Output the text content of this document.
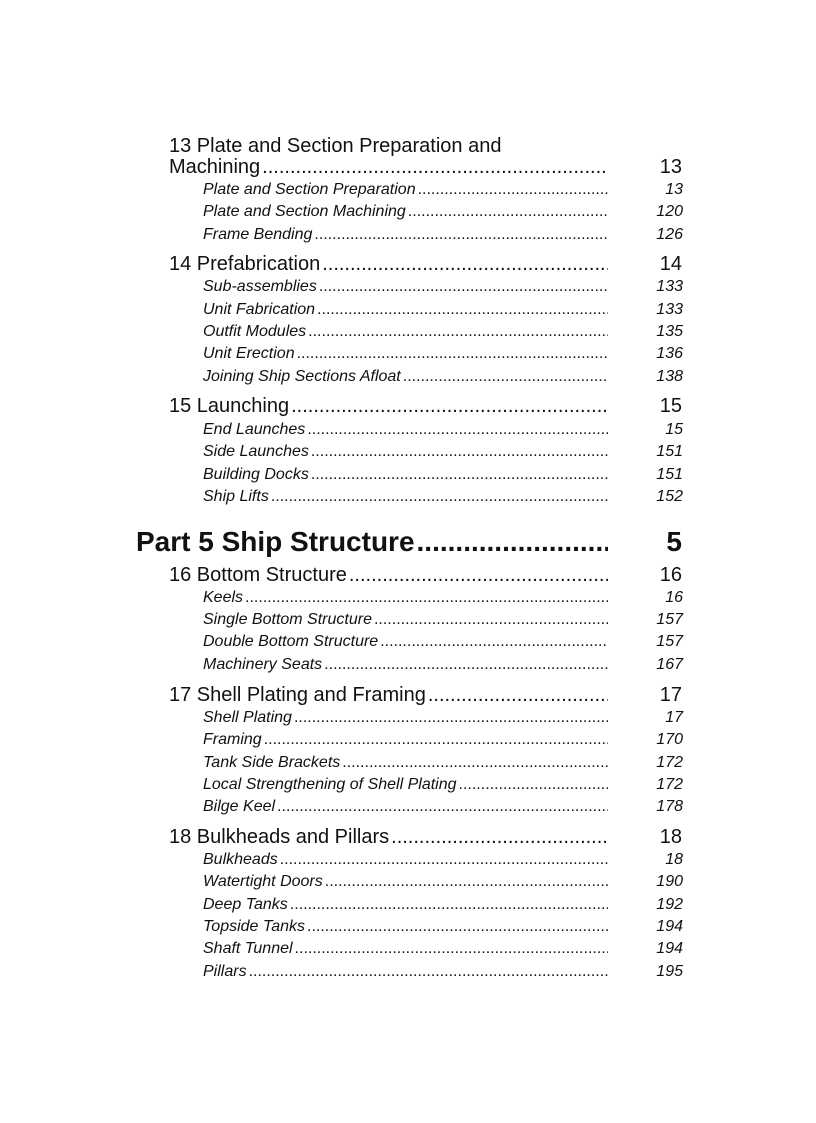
13 Plate and Section Preparation and
Machining .....	13
Plate and Section Preparation .....	13
Plate and Section Machining .....	120
Frame Bending .....	126
14 Prefabrication .....	14
Sub-assemblies .....	133
Unit Fabrication .....	133
Outfit Modules .....	135
Unit Erection .....	136
Joining Ship Sections Afloat .....	138
15 Launching .....	15
End Launches .....	15
Side Launches .....	151
Building Docks .....	151
Ship Lifts .....	152
Part 5 Ship Structure .....	5
16 Bottom Structure .....	16
Keels .....	16
Single Bottom Structure .....	157
Double Bottom Structure .....	157
Machinery Seats .....	167
17 Shell Plating and Framing .....	17
Shell Plating .....	17
Framing .....	170
Tank Side Brackets .....	172
Local Strengthening of Shell Plating .....	172
Bilge Keel .....	178
18 Bulkheads and Pillars .....	18
Bulkheads .....	18
Watertight Doors .....	190
Deep Tanks .....	192
Topside Tanks .....	194
Shaft Tunnel .....	194
Pillars .....	195
